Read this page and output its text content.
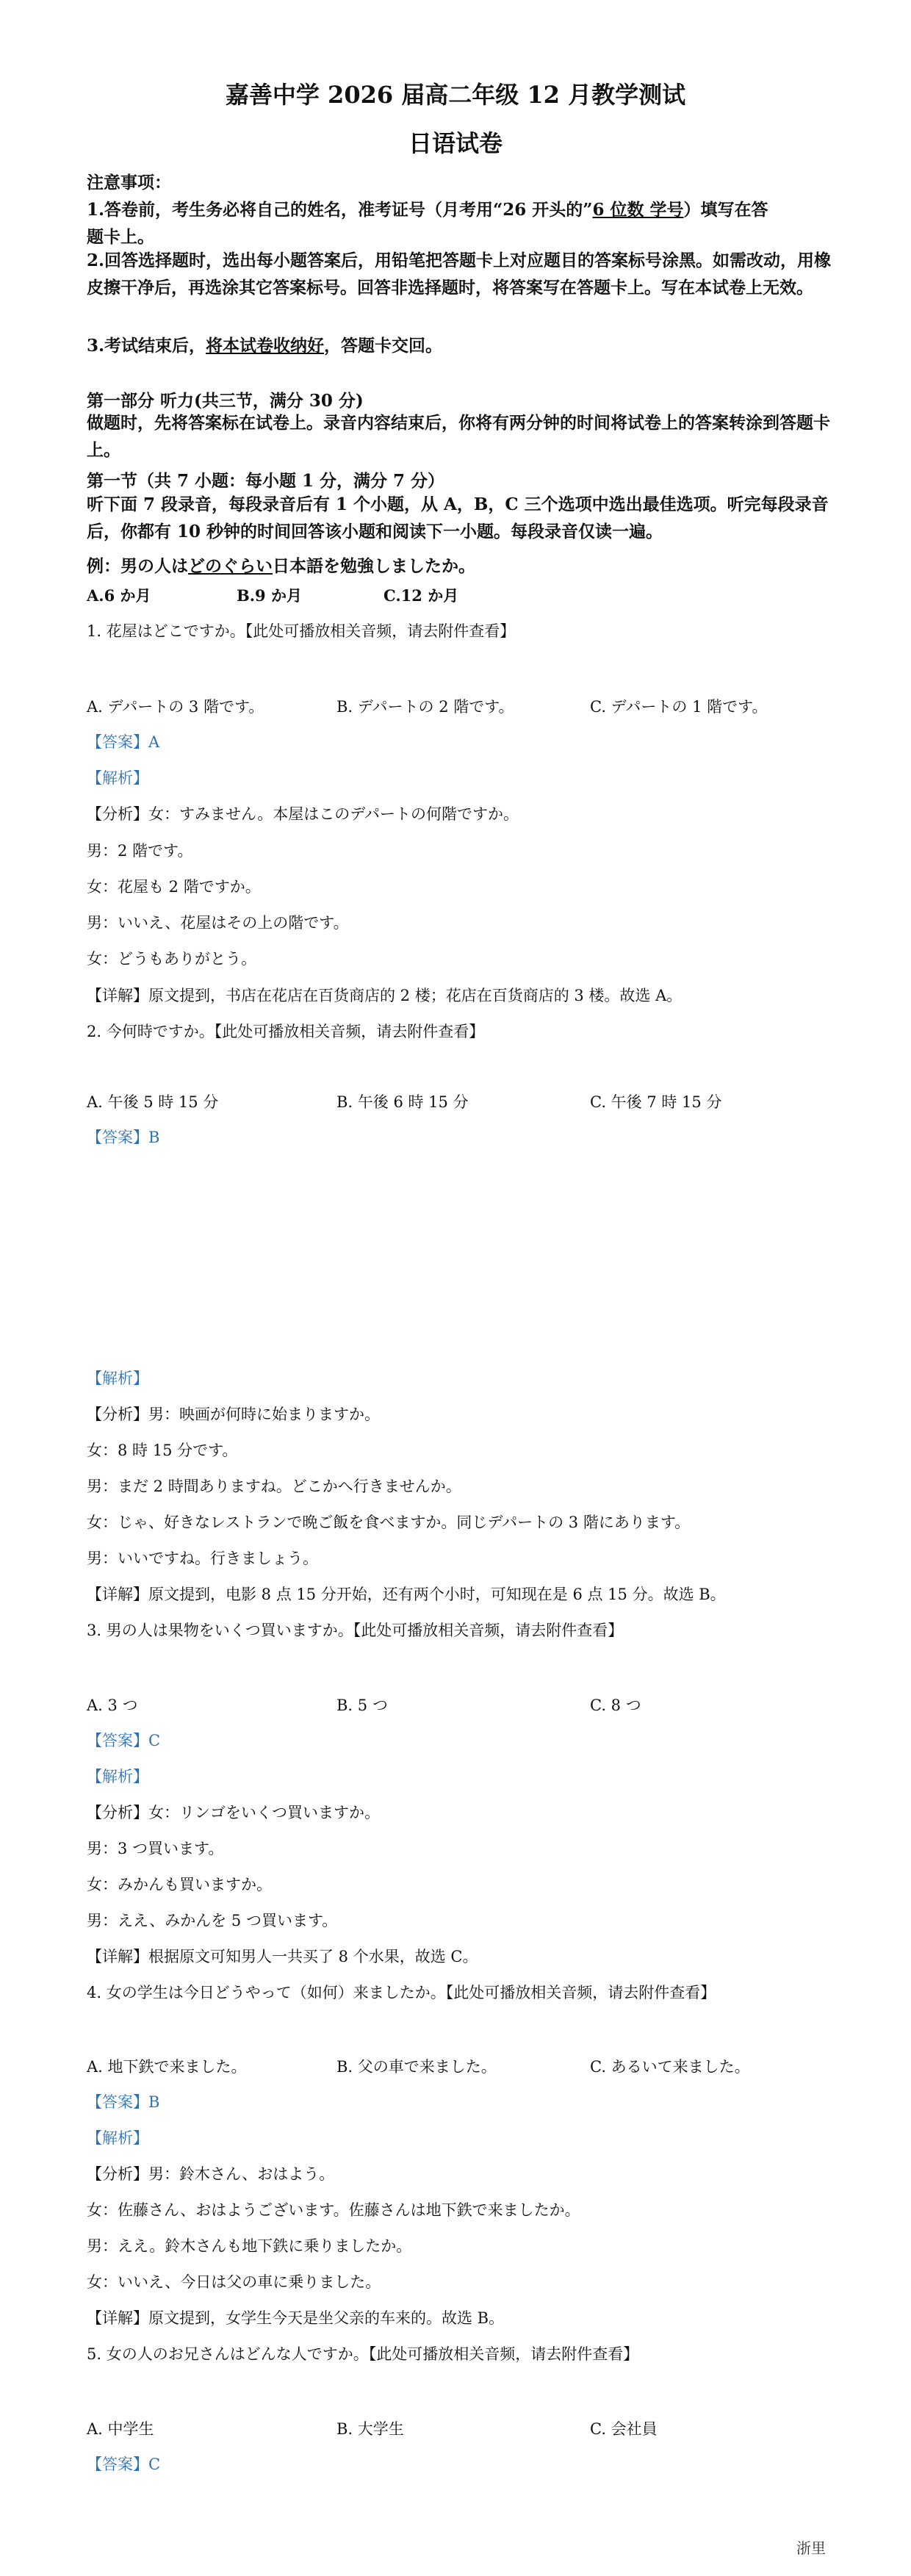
嘉善中学 2026 届高二年级 12 月教学测试
日语试卷
注意事项：
1.答卷前，考生务必将自己的姓名，准考证号（月考用“26 开头的”6 位数 学号）填写在答
题卡上。
2.回答选择题时，选出每小题答案后，用铅笔把答题卡上对应题目的答案标号涂黑。如需改动，用橡皮擦干净后，再选涂其它答案标号。回答非选择题时，将答案写在答题卡上。写在本试卷上无效。
3.考试结束后，将本试卷收纳好，答题卡交回。
第一部分 听力(共三节，满分 30 分)
做题时，先将答案标在试卷上。录音内容结束后，你将有两分钟的时间将试卷上的答案转涂到答题卡上。
第一节（共 7 小题：每小题 1 分，满分 7 分）
听下面 7 段录音，每段录音后有 1 个小题，从 A，B，C 三个选项中选出最佳选项。听完每段录音后，你都有 10 秒钟的时间回答该小题和阅读下一小题。每段录音仅读一遍。
例：男の人はどのぐらい日本語を勉強しましたか。
A.6 か月	B.9 か月	C.12 か月
1. 花屋はどこですか。【此处可播放相关音频，请去附件查看】
A. デパートの 3 階です。	B. デパートの 2 階です。	C. デパートの 1 階です。
【答案】A
【解析】
【分析】女：すみません。本屋はこのデパートの何階ですか。
男：2 階です。
女：花屋も 2 階ですか。
男：いいえ、花屋はその上の階です。
女：どうもありがとう。
【详解】原文提到，书店在花店在百货商店的 2 楼；花店在百货商店的 3 楼。故选 A。
2. 今何時ですか。【此处可播放相关音频，请去附件查看】
A. 午後 5 時 15 分	B. 午後 6 時 15 分	C. 午後 7 時 15 分
【答案】B
【解析】
【分析】男：映画が何時に始まりますか。
女：8 時 15 分です。
男：まだ 2 時間ありますね。どこかへ行きませんか。
女：じゃ、好きなレストランで晩ご飯を食べますか。同じデパートの 3 階にあります。
男：いいですね。行きましょう。
【详解】原文提到，电影 8 点 15 分开始，还有两个小时，可知现在是 6 点 15 分。故选 B。
3. 男の人は果物をいくつ買いますか。【此处可播放相关音频，请去附件查看】
A. 3 つ	B. 5 つ	C. 8 つ
【答案】C
【解析】
【分析】女：リンゴをいくつ買いますか。
男：3 つ買います。
女：みかんも買いますか。
男：ええ、みかんを 5 つ買います。
【详解】根据原文可知男人一共买了 8 个水果，故选 C。
4. 女の学生は今日どうやって（如何）来ましたか。【此处可播放相关音频，请去附件查看】
A. 地下鉄で来ました。	B. 父の車で来ました。	C. あるいて来ました。
【答案】B
【解析】
【分析】男：鈴木さん、おはよう。
女：佐藤さん、おはようございます。佐藤さんは地下鉄で来ましたか。
男：ええ。鈴木さんも地下鉄に乗りましたか。
女：いいえ、今日は父の車に乗りました。
【详解】原文提到，女学生今天是坐父亲的车来的。故选 B。
5. 女の人のお兄さんはどんな人ですか。【此处可播放相关音频，请去附件查看】
A. 中学生	B. 大学生	C. 会社員
【答案】C
浙里
